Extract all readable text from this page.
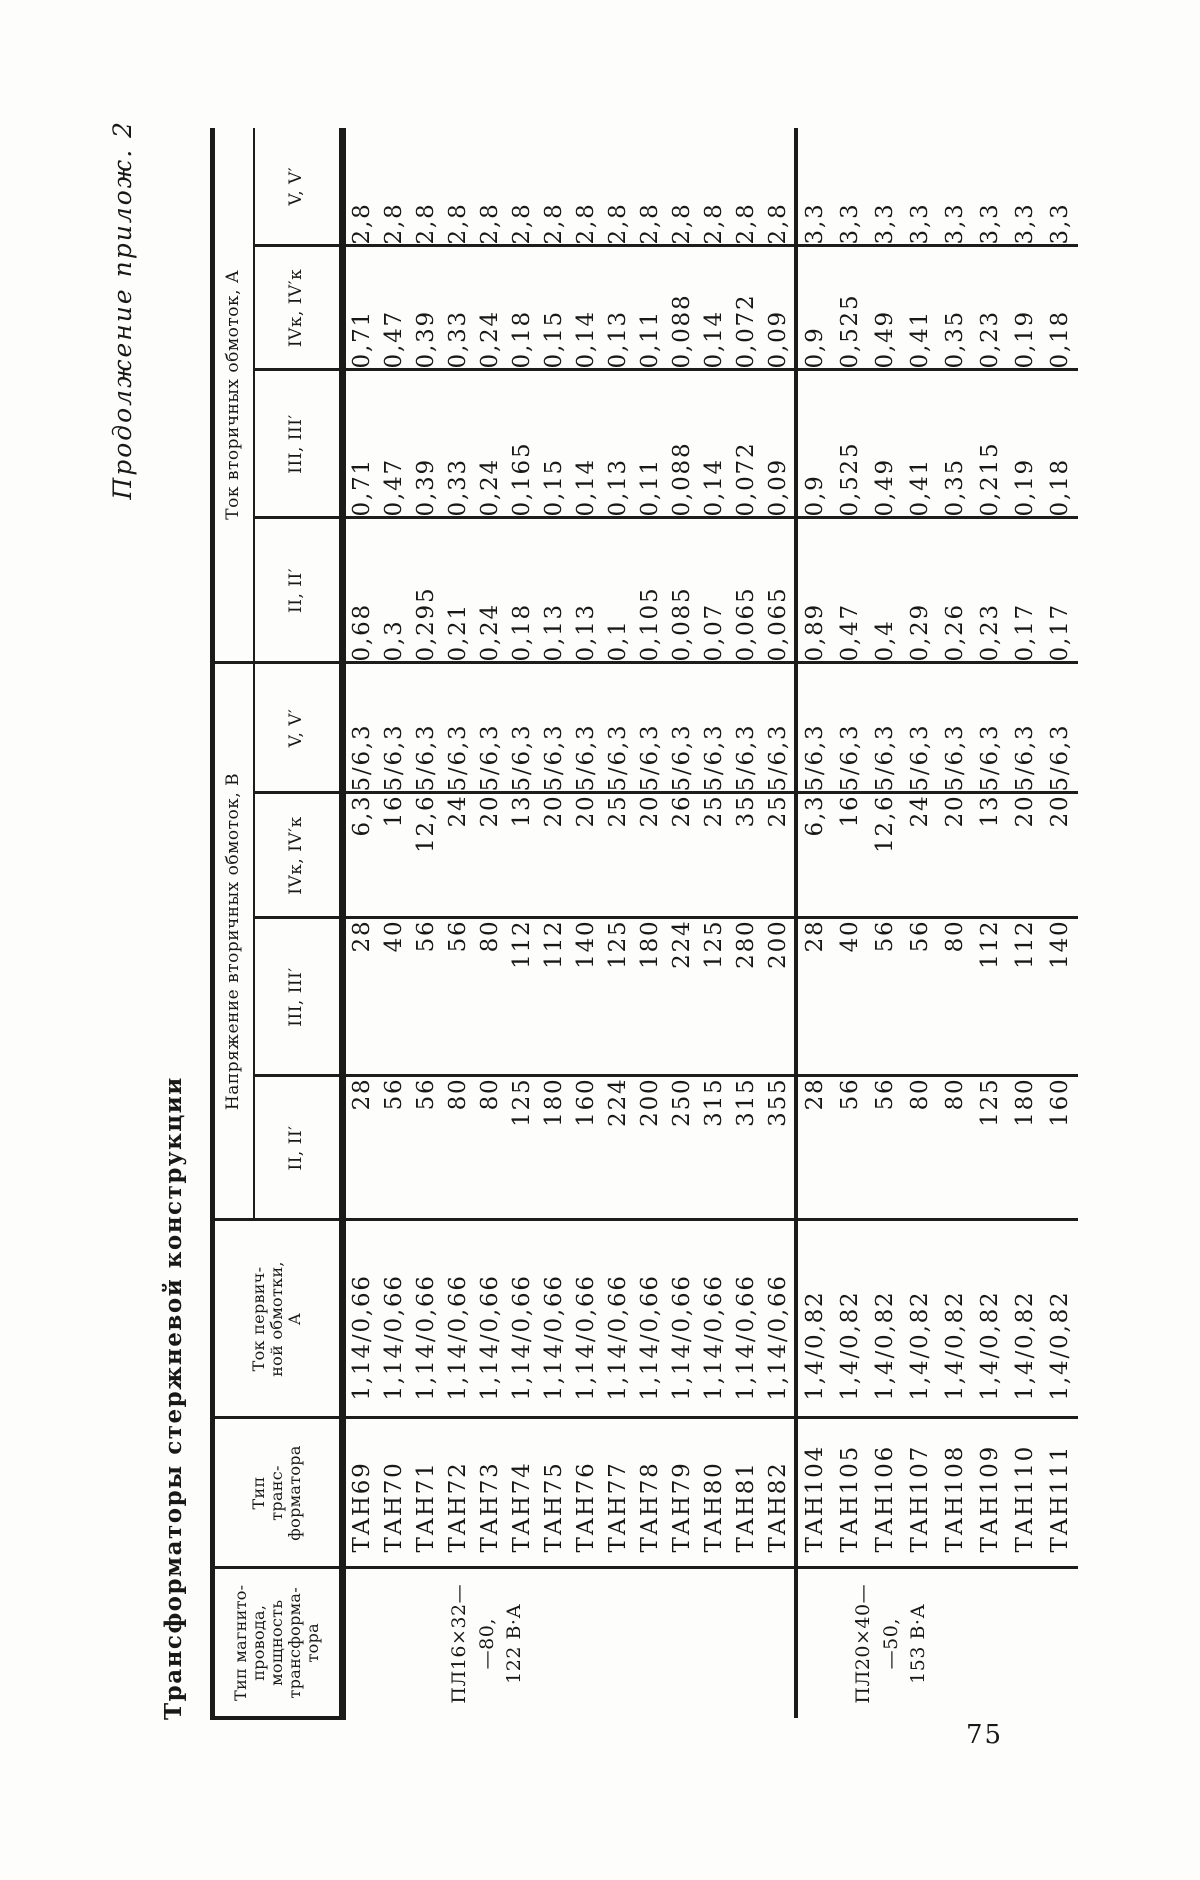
Продолжение прилож. 2
Трансформаторы стержневой конструкции	Тип магнито-
провода,
мощность
трансформа-
тора	Тип
транс-
форматора	Ток первич-
ной обмотки,
А	Напряжение вторичных обмоток, В				Ток вторичных обмоток, А			
			II, II′	III, III′	IVк, IV′к	V, V′	II, II′	III, III′	IVк, IV′к	V, V′
ПЛ16×32—
—80,
122 В·А	ТАН69	1,14/0,66	28	28	6,3	5/6,3	0,68	0,71	0,71	2,8
	ТАН70	1,14/0,66	56	40	16	5/6,3	0,3	0,47	0,47	2,8
	ТАН71	1,14/0,66	56	56	12,6	5/6,3	0,295	0,39	0,39	2,8
	ТАН72	1,14/0,66	80	56	24	5/6,3	0,21	0,33	0,33	2,8
	ТАН73	1,14/0,66	80	80	20	5/6,3	0,24	0,24	0,24	2,8
	ТАН74	1,14/0,66	125	112	13	5/6,3	0,18	0,165	0,18	2,8
	ТАН75	1,14/0,66	180	112	20	5/6,3	0,13	0,15	0,15	2,8
	ТАН76	1,14/0,66	160	140	20	5/6,3	0,13	0,14	0,14	2,8
	ТАН77	1,14/0,66	224	125	25	5/6,3	0,1	0,13	0,13	2,8
	ТАН78	1,14/0,66	200	180	20	5/6,3	0,105	0,11	0,11	2,8
	ТАН79	1,14/0,66	250	224	26	5/6,3	0,085	0,088	0,088	2,8
	ТАН80	1,14/0,66	315	125	25	5/6,3	0,07	0,14	0,14	2,8
	ТАН81	1,14/0,66	315	280	35	5/6,3	0,065	0,072	0,072	2,8
	ТАН82	1,14/0,66	355	200	25	5/6,3	0,065	0,09	0,09	2,8
ПЛ20×40—
—50,
153 В·А	ТАН104	1,4/0,82	28	28	6,3	5/6,3	0,89	0,9	0,9	3,3
	ТАН105	1,4/0,82	56	40	16	5/6,3	0,47	0,525	0,525	3,3
	ТАН106	1,4/0,82	56	56	12,6	5/6,3	0,4	0,49	0,49	3,3
	ТАН107	1,4/0,82	80	56	24	5/6,3	0,29	0,41	0,41	3,3
	ТАН108	1,4/0,82	80	80	20	5/6,3	0,26	0,35	0,35	3,3
	ТАН109	1,4/0,82	125	112	13	5/6,3	0,23	0,215	0,23	3,3
	ТАН110	1,4/0,82	180	112	20	5/6,3	0,17	0,19	0,19	3,3
	ТАН111	1,4/0,82	160	140	20	5/6,3	0,17	0,18	0,18	3,3
75
